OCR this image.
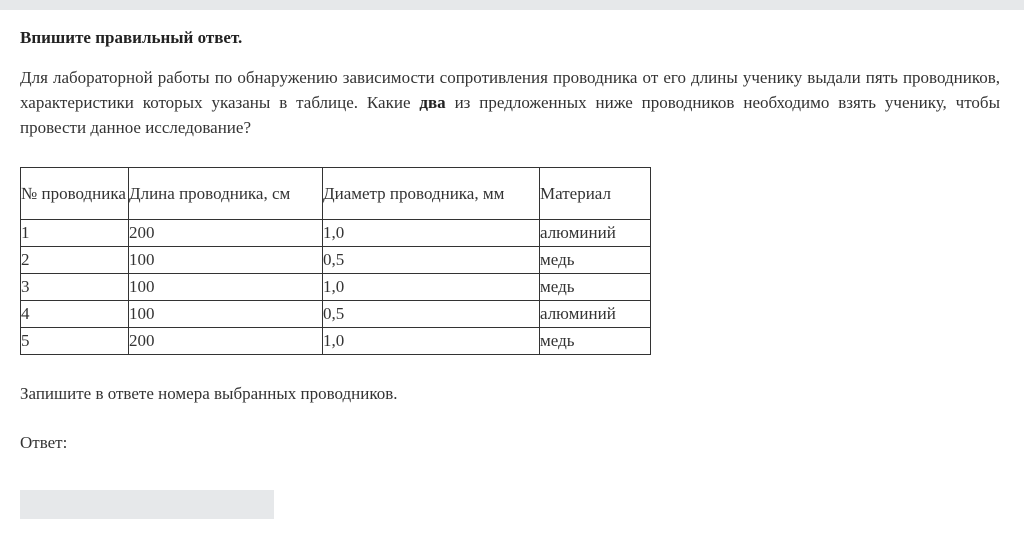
Впишите правильный ответ.

Для лабораторной работы по обнаружению зависимости сопротивления проводника от его длины ученику выдали пять проводников, характеристики которых указаны в таблице. Какие два из предложенных ниже проводников необходимо взять ученику, чтобы провести данное исследование?

№ проводника	Длина проводника, см	Диаметр проводника, мм	Материал
1	200	1,0	алюминий
2	100	0,5	медь
3	100	1,0	медь
4	100	0,5	алюминий
5	200	1,0	медь

Запишите в ответе номера выбранных проводников.

Ответ:
